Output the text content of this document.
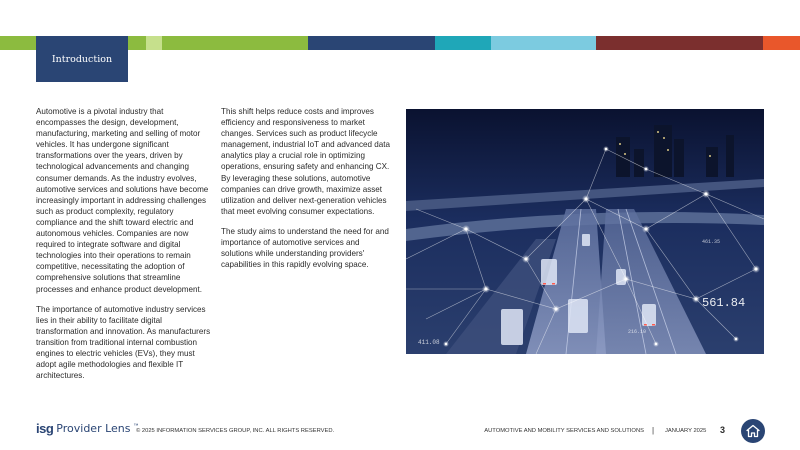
Introduction

Automotive is a pivotal industry that encompasses the design, development, manufacturing, marketing and selling of motor vehicles. It has undergone significant transformations over the years, driven by technological advancements and changing consumer demands. As the industry evolves, automotive services and solutions have become increasingly important in addressing challenges such as product complexity, regulatory compliance and the shift toward electric and autonomous vehicles. Companies are now required to integrate software and digital technologies into their operations to remain competitive, necessitating the adoption of comprehensive solutions that streamline processes and enhance product development.

The importance of automotive industry services lies in their ability to facilitate digital transformation and innovation. As manufacturers transition from traditional internal combustion engines to electric vehicles (EVs), they must adopt agile methodologies and flexible IT architectures.

This shift helps reduce costs and improves efficiency and responsiveness to market changes. Services such as product lifecycle management, industrial IoT and advanced data analytics play a crucial role in optimizing operations, ensuring safety and enhancing CX. By leveraging these solutions, automotive companies can drive growth, maximize asset utilization and deliver next-generation vehicles that meet evolving consumer expectations.

The study aims to understand the need for and importance of automotive services and solutions while understanding providers' capabilities in this rapidly evolving space.

561.84
411.08
216.10
461.35
isg Provider Lens ™
© 2025 INFORMATION SERVICES GROUP, INC. ALL RIGHTS RESERVED.	AUTOMOTIVE AND MOBILITY SERVICES AND SOLUTIONS | JANUARY 2025 3
